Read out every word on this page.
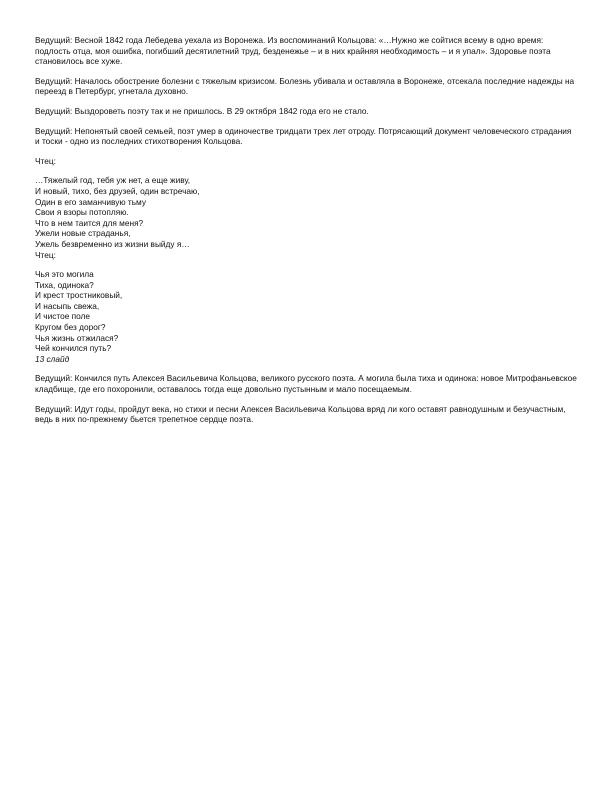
Ведущий: Весной 1842 года Лебедева уехала из Воронежа. Из воспоминаний Кольцова: «…Нужно же сойтися всему в одно время: подлость отца, моя ошибка, погибший десятилетний труд, безденежье – и в них крайняя необходимость – и я упал». Здоровье поэта становилось все хуже.

Ведущий: Началось обострение болезни с тяжелым кризисом. Болезнь убивала и оставляла в Воронеже, отсекала последние надежды на переезд в Петербург, угнетала духовно.

Ведущий: Выздороветь поэту так и не пришлось. В 29 октября 1842 года его не стало.

Ведущий: Непонятый своей семьей, поэт умер в одиночестве тридцати трех лет отроду. Потрясающий документ человеческого страдания и тоски - одно из последних стихотворения Кольцова.

Чтец:

…Тяжелый год, тебя уж нет, а еще живу,
И новый, тихо, без друзей, один встречаю,
Один в его заманчивую тьму
Свои я взоры потопляю.
Что в нем таится для меня?
Ужели новые страданья,
Ужель безвременно из жизни выйду я…

Чтец:

Чья это могила
Тиха, одинока?
И крест тростниковый,
И насыпь свежа,
И чистое поле
Кругом без дорог?
Чья жизнь отжилася?
Чей кончился путь?

13 слайд

Ведущий: Кончился путь Алексея Васильевича Кольцова, великого русского поэта. А могила была тиха и одинока: новое Митрофаньевское кладбище, где его похоронили, оставалось тогда еще довольно пустынным и мало посещаемым.

Ведущий: Идут годы, пройдут века, но стихи и песни Алексея Васильевича Кольцова вряд ли кого оставят равнодушным и безучастным, ведь в них по-прежнему бьется трепетное сердце поэта.
